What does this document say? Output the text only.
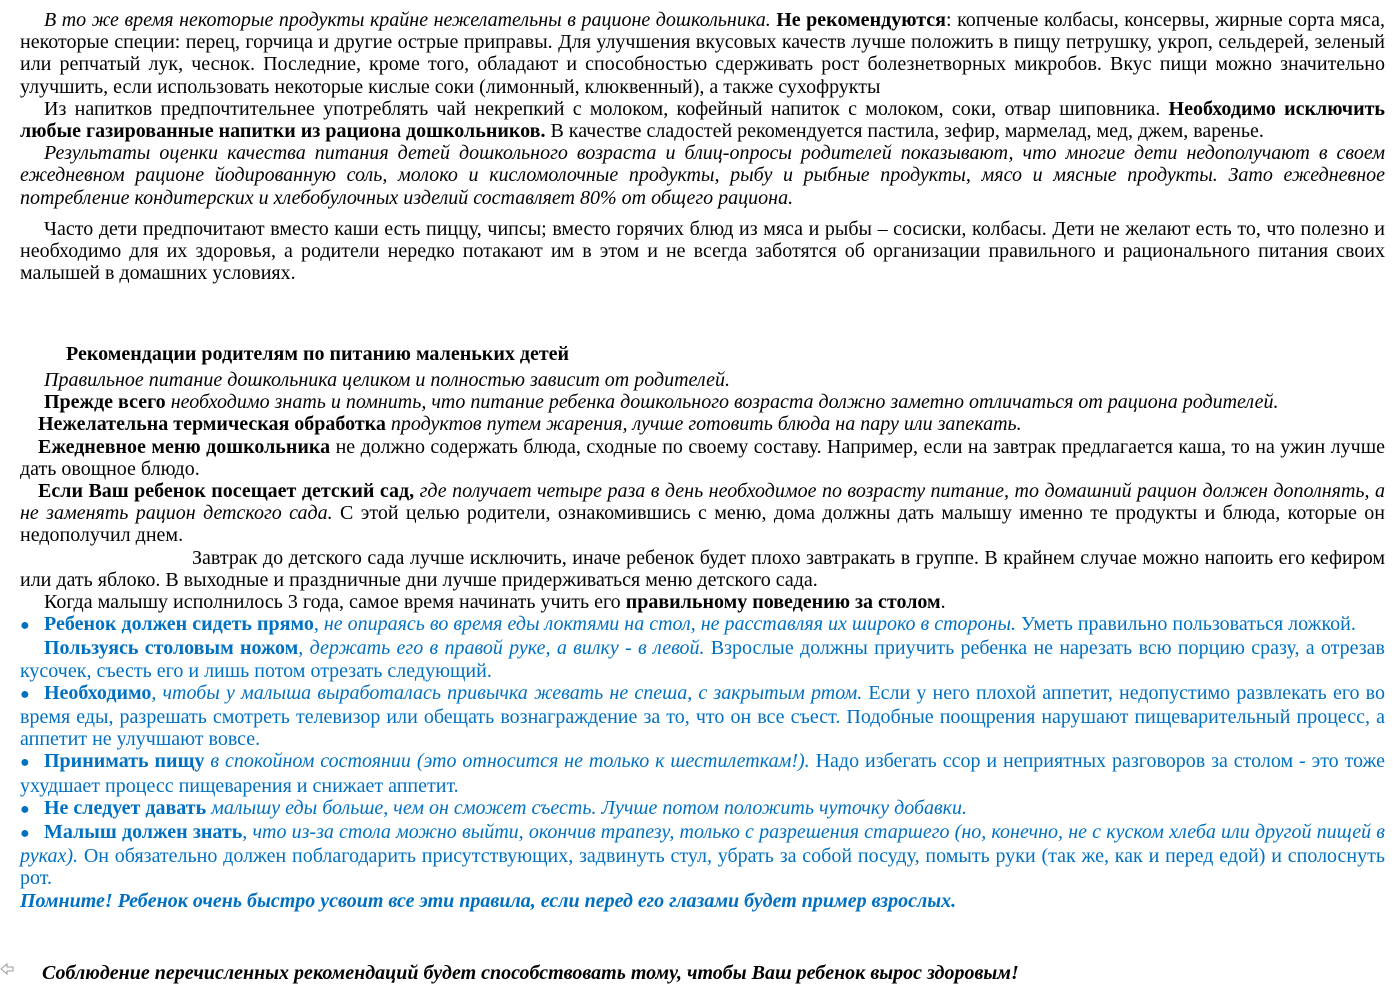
В то же время некоторые продукты крайне нежелательны в рационе дошкольника. Не рекомендуются: копченые колбасы, консервы, жирные сорта мяса, некоторые специи: перец, горчица и другие острые приправы. Для улучшения вкусовых качеств лучше положить в пищу петрушку, укроп, сельдерей, зеленый или репчатый лук, чеснок. Последние, кроме того, обладают и способностью сдерживать рост болезнетворных микробов. Вкус пищи можно значительно улучшить, если использовать некоторые кислые соки (лимонный, клюквенный), а также сухофрукты

Из напитков предпочтительнее употреблять чай некрепкий с молоком, кофейный напиток с молоком, соки, отвар шиповника. Необходимо исключить любые газированные напитки из рациона дошкольников. В качестве сладостей рекомендуется пастила, зефир, мармелад, мед, джем, варенье.

Результаты оценки качества питания детей дошкольного возраста и блиц-опросы родителей показывают, что многие дети недополучают в своем ежедневном рационе йодированную соль, молоко и кисломолочные продукты, рыбу и рыбные продукты, мясо и мясные продукты. Зато ежедневное потребление кондитерских и хлебобулочных изделий составляет 80% от общего рациона.

Часто дети предпочитают вместо каши есть пиццу, чипсы; вместо горячих блюд из мяса и рыбы – сосиски, колбасы. Дети не желают есть то, что полезно и необходимо для их здоровья, а родители нередко потакают им в этом и не всегда заботятся об организации правильного и рационального питания своих малышей в домашних условиях.

Рекомендации родителям по питанию маленьких детей

Правильное питание дошкольника целиком и полностью зависит от родителей.

Прежде всего необходимо знать и помнить, что питание ребенка дошкольного возраста должно заметно отличаться от рациона родителей.

Нежелательна термическая обработка продуктов путем жарения, лучше готовить блюда на пару или запекать.

Ежедневное меню дошкольника не должно содержать блюда, сходные по своему составу. Например, если на завтрак предлагается каша, то на ужин лучше дать овощное блюдо.

Если Ваш ребенок посещает детский сад, где получает четыре раза в день необходимое по возрасту питание, то домашний рацион должен дополнять, а не заменять рацион детского сада. С этой целью родители, ознакомившись с меню, дома должны дать малышу именно те продукты и блюда, которые он недополучил днем.

Завтрак до детского сада лучше исключить, иначе ребенок будет плохо завтракать в группе. В крайнем случае можно напоить его кефиром или дать яблоко. В выходные и праздничные дни лучше придерживаться меню детского сада.

Когда малышу исполнилось 3 года, самое время начинать учить его правильному поведению за столом.

● Ребенок должен сидеть прямо, не опираясь во время еды локтями на стол, не расставляя их широко в стороны. Уметь правильно пользоваться ложкой.

Пользуясь столовым ножом, держать его в правой руке, а вилку - в левой. Взрослые должны приучить ребенка не нарезать всю порцию сразу, а отрезав кусочек, съесть его и лишь потом отрезать следующий.

● Необходимо, чтобы у малыша выработалась привычка жевать не спеша, с закрытым ртом. Если у него плохой аппетит, недопустимо развлекать его во время еды, разрешать смотреть телевизор или обещать вознаграждение за то, что он все съест. Подобные поощрения нарушают пищеварительный процесс, а аппетит не улучшают вовсе.

● Принимать пищу в спокойном состоянии (это относится не только к шестилеткам!). Надо избегать ссор и неприятных разговоров за столом - это тоже ухудшает процесс пищеварения и снижает аппетит.

● Не следует давать малышу еды больше, чем он сможет съесть. Лучше потом положить чуточку добавки.

● Малыш должен знать, что из-за стола можно выйти, окончив трапезу, только с разрешения старшего (но, конечно, не с куском хлеба или другой пищей в руках). Он обязательно должен поблагодарить присутствующих, задвинуть стул, убрать за собой посуду, помыть руки (так же, как и перед едой) и сполоснуть рот.

Помните! Ребенок очень быстро усвоит все эти правила, если перед его глазами будет пример взрослых.

Соблюдение перечисленных рекомендаций будет способствовать тому, чтобы Ваш ребенок вырос здоровым!
